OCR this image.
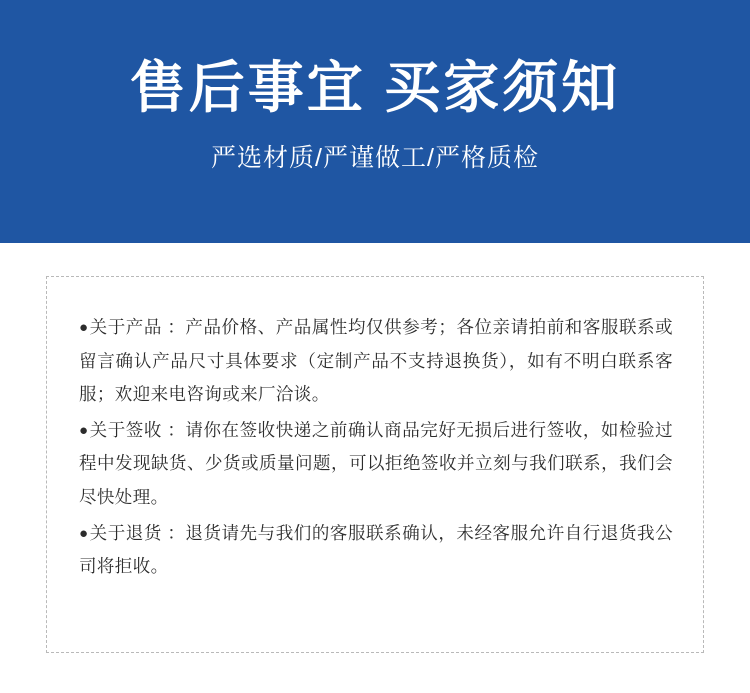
售后事宜 买家须知
严选材质/严谨做工/严格质检

●关于产品 ：产品价格、产品属性均仅供参考；各位亲请拍前和客服联系或留言确认产品尺寸具体要求（定制产品不支持退换货），如有不明白联系客服；欢迎来电咨询或来厂洽谈。

●关于签收 ：请你在签收快递之前确认商品完好无损后进行签收，如检验过程中发现缺货、少货或质量问题，可以拒绝签收并立刻与我们联系，我们会尽快处理。

●关于退货 ：退货请先与我们的客服联系确认，未经客服允许自行退货我公司将拒收。
